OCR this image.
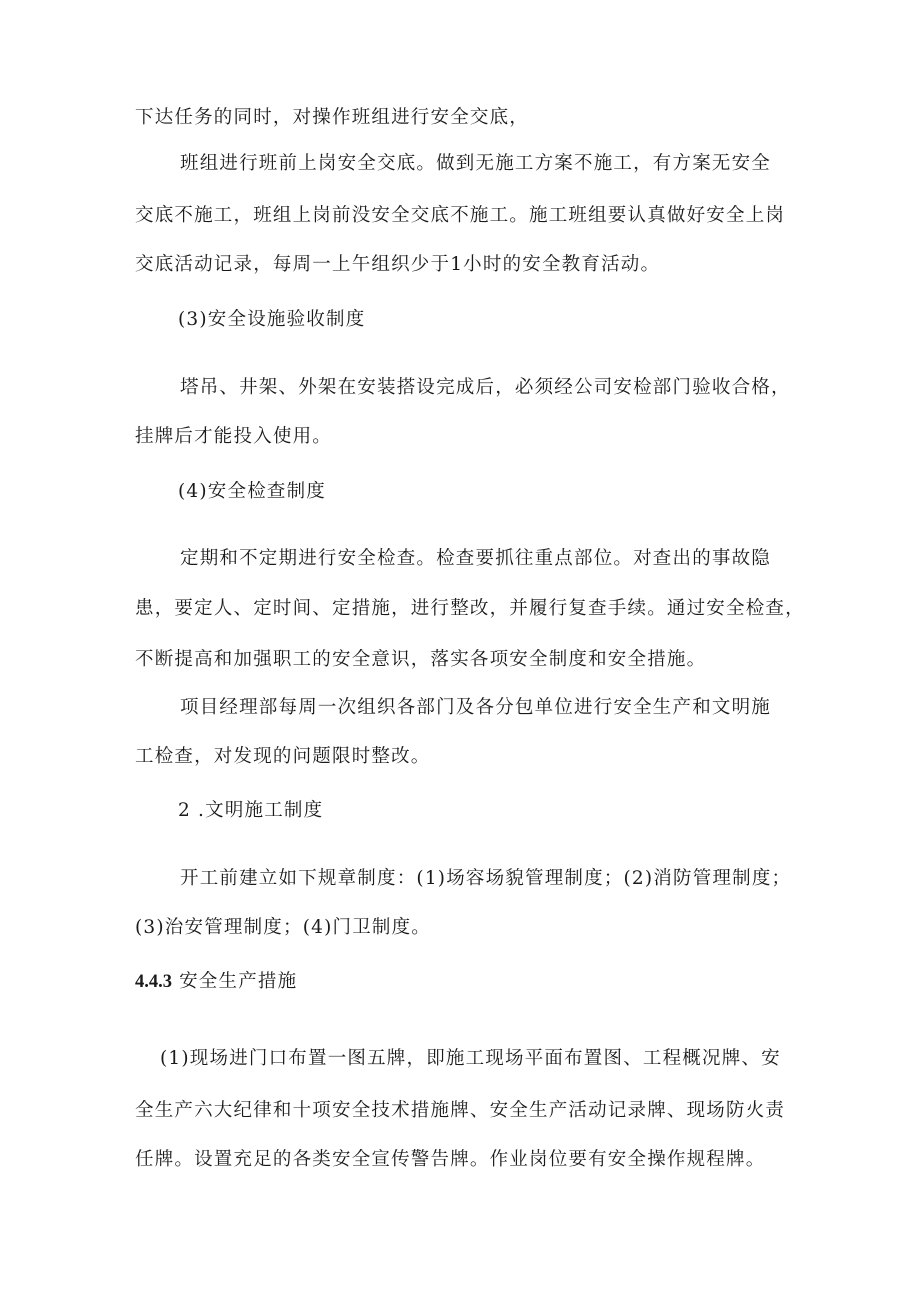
下达任务的同时，对操作班组进行安全交底，
班组进行班前上岗安全交底。做到无施工方案不施工，有方案无安全
交底不施工，班组上岗前没安全交底不施工。施工班组要认真做好安全上岗
交底活动记录，每周一上午组织少于1小时的安全教育活动。
(3)安全设施验收制度
塔吊、井架、外架在安装搭设完成后，必须经公司安检部门验收合格，
挂牌后才能投入使用。
(4)安全检查制度
定期和不定期进行安全检查。检查要抓往重点部位。对查出的事故隐
患，要定人、定时间、定措施，进行整改，并履行复查手续。通过安全检查，
不断提高和加强职工的安全意识，落实各项安全制度和安全措施。
项目经理部每周一次组织各部门及各分包单位进行安全生产和文明施
工检查，对发现的问题限时整改。
2 .文明施工制度
开工前建立如下规章制度：(1)场容场貌管理制度；(2)消防管理制度；
(3)治安管理制度；(4)门卫制度。
4.4.3 安全生产措施
(1)现场进门口布置一图五牌，即施工现场平面布置图、工程概况牌、安
全生产六大纪律和十项安全技术措施牌、安全生产活动记录牌、现场防火责
任牌。设置充足的各类安全宣传警告牌。作业岗位要有安全操作规程牌。
